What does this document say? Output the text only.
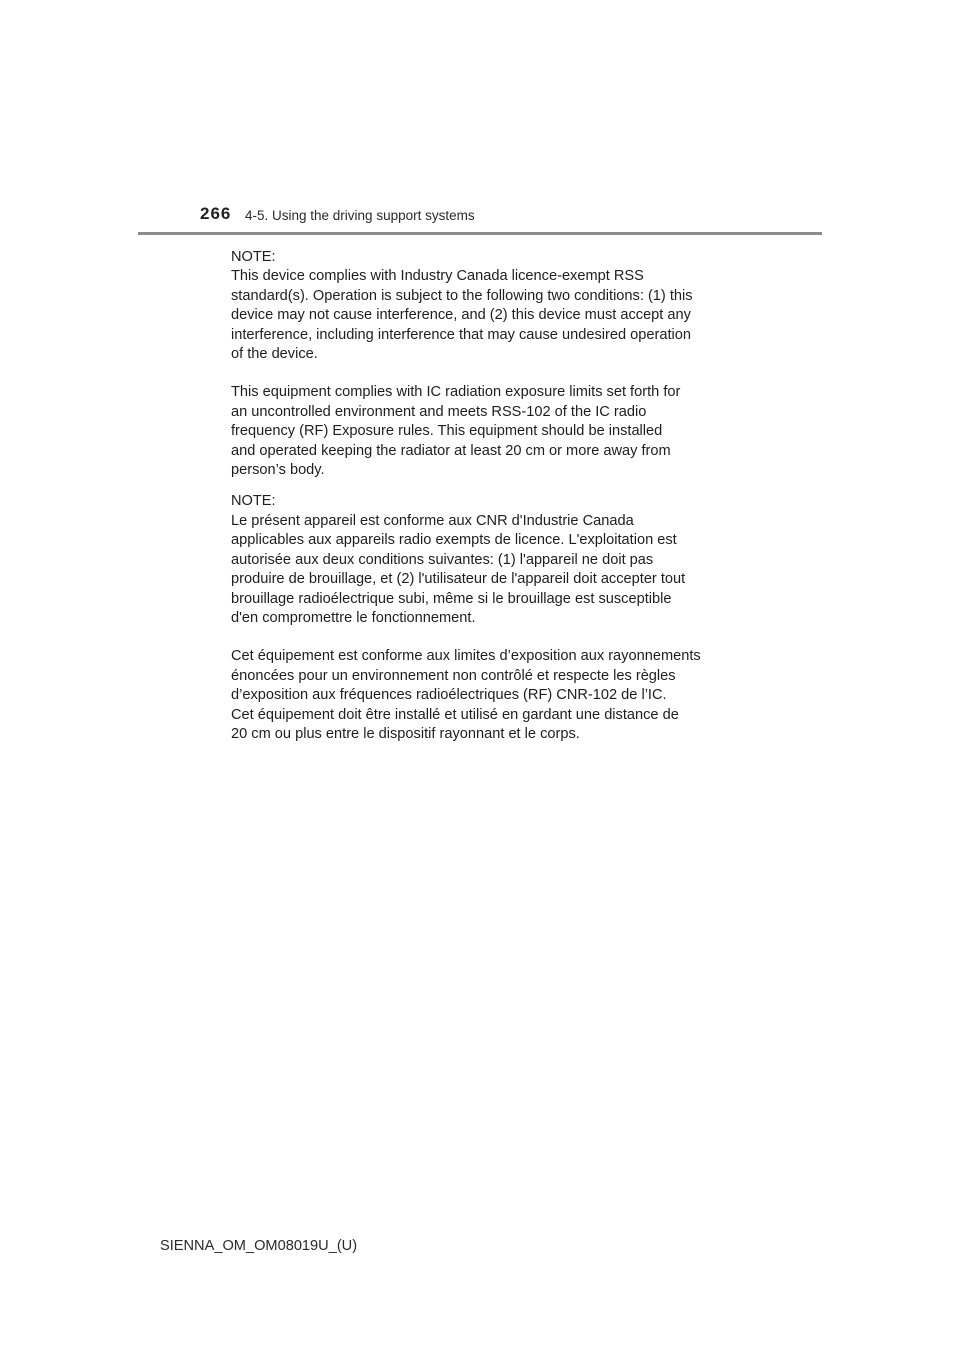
266 4-5. Using the driving support systems

NOTE:
This device complies with Industry Canada licence-exempt RSS
standard(s). Operation is subject to the following two conditions: (1) this
device may not cause interference, and (2) this device must accept any
interference, including interference that may cause undesired operation
of the device.

This equipment complies with IC radiation exposure limits set forth for
an uncontrolled environment and meets RSS-102 of the IC radio
frequency (RF) Exposure rules. This equipment should be installed
and operated keeping the radiator at least 20 cm or more away from
person’s body.

NOTE:
Le présent appareil est conforme aux CNR d'Industrie Canada
applicables aux appareils radio exempts de licence. L'exploitation est
autorisée aux deux conditions suivantes: (1) l'appareil ne doit pas
produire de brouillage, et (2) l'utilisateur de l'appareil doit accepter tout
brouillage radioélectrique subi, même si le brouillage est susceptible
d'en compromettre le fonctionnement.

Cet équipement est conforme aux limites d’exposition aux rayonnements
énoncées pour un environnement non contrôlé et respecte les règles
d’exposition aux fréquences radioélectriques (RF) CNR-102 de l’IC.
Cet équipement doit être installé et utilisé en gardant une distance de
20 cm ou plus entre le dispositif rayonnant et le corps.

SIENNA_OM_OM08019U_(U)
